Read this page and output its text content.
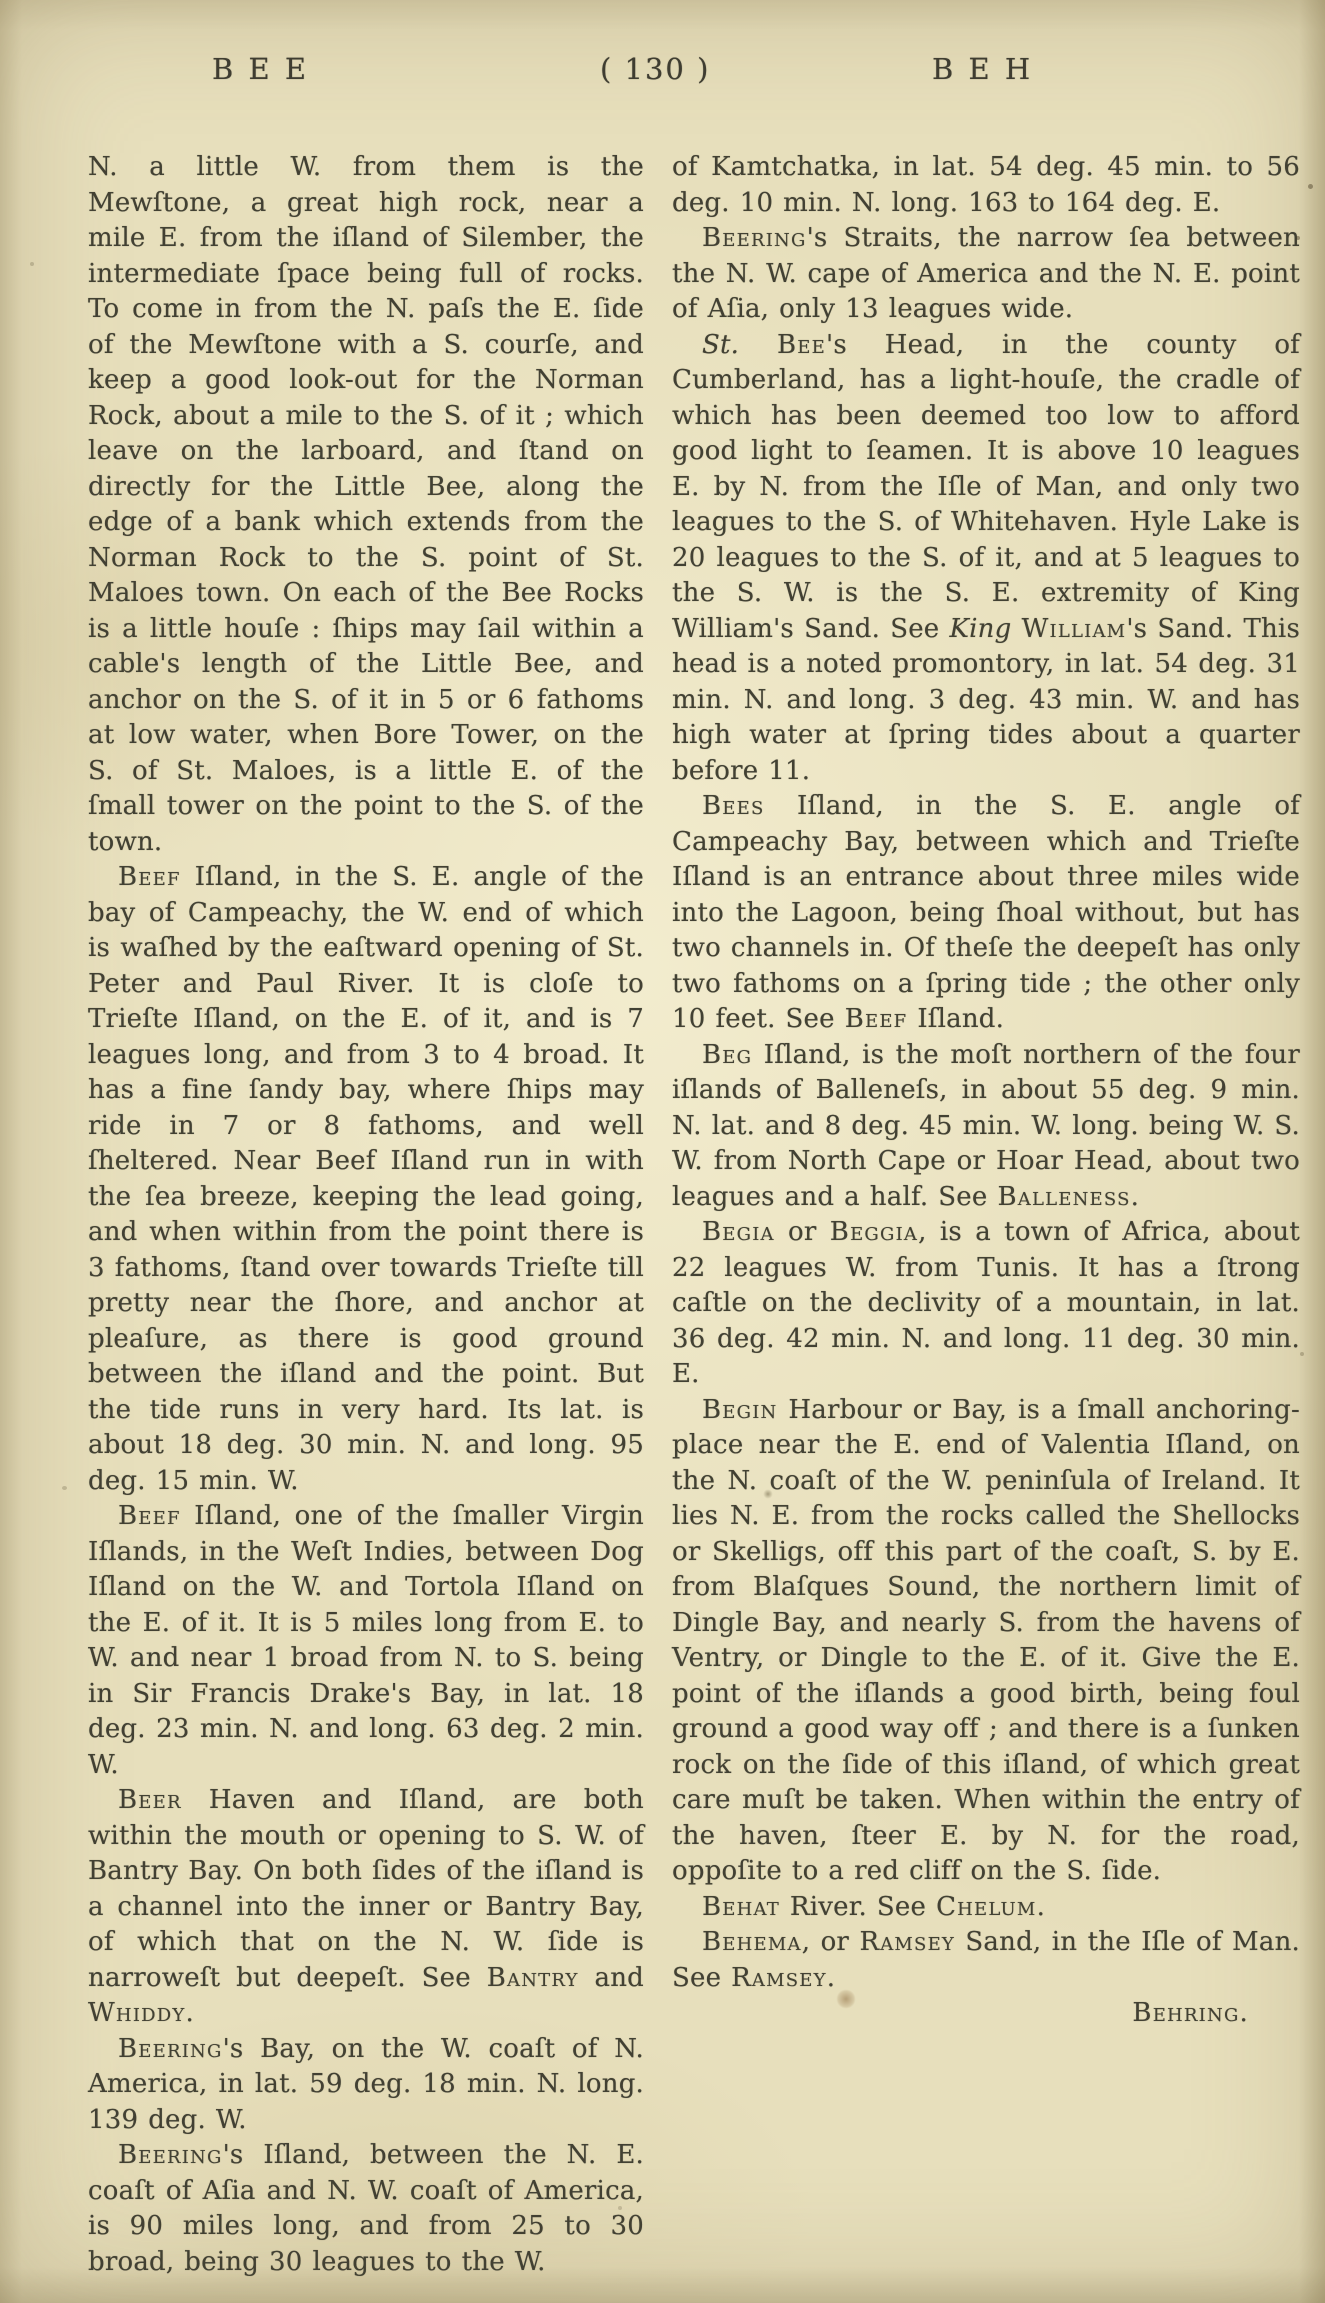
B E E	( 130 )	B E H

N. a little W. from them is the Mewſtone, a great high rock, near a mile E. from the iſland of Silember, the intermediate ſpace being full of rocks. To come in from the N. paſs the E. ſide of the Mewſtone with a S. courſe, and keep a good look-out for the Norman Rock, about a mile to the S. of it ; which leave on the larboard, and ſtand on directly for the Little Bee, along the edge of a bank which extends from the Norman Rock to the S. point of St. Maloes town. On each of the Bee Rocks is a little houſe : ſhips may ſail within a cable's length of the Little Bee, and anchor on the S. of it in 5 or 6 fathoms at low water, when Bore Tower, on the S. of St. Maloes, is a little E. of the ſmall tower on the point to the S. of the town.

Beef Iſland, in the S. E. angle of the bay of Campeachy, the W. end of which is waſhed by the eaſtward opening of St. Peter and Paul River. It is cloſe to Trieſte Iſland, on the E. of it, and is 7 leagues long, and from 3 to 4 broad. It has a fine ſandy bay, where ſhips may ride in 7 or 8 fathoms, and well ſheltered. Near Beef Iſland run in with the ſea breeze, keeping the lead going, and when within from the point there is 3 fathoms, ſtand over towards Trieſte till pretty near the ſhore, and anchor at pleaſure, as there is good ground between the iſland and the point. But the tide runs in very hard. Its lat. is about 18 deg. 30 min. N. and long. 95 deg. 15 min. W.

Beef Iſland, one of the ſmaller Virgin Iſlands, in the Weſt Indies, between Dog Iſland on the W. and Tortola Iſland on the E. of it. It is 5 miles long from E. to W. and near 1 broad from N. to S. being in Sir Francis Drake's Bay, in lat. 18 deg. 23 min. N. and long. 63 deg. 2 min. W.

Beer Haven and Iſland, are both within the mouth or opening to S. W. of Bantry Bay. On both ſides of the iſland is a channel into the inner or Bantry Bay, of which that on the N. W. ſide is narroweſt but deepeſt. See Bantry and Whiddy.

Beering's Bay, on the W. coaſt of N. America, in lat. 59 deg. 18 min. N. long. 139 deg. W.

Beering's Iſland, between the N. E. coaſt of Aſia and N. W. coaſt of America, is 90 miles long, and from 25 to 30 broad, being 30 leagues to the W.

of Kamtchatka, in lat. 54 deg. 45 min. to 56 deg. 10 min. N. long. 163 to 164 deg. E.

Beering's Straits, the narrow ſea between the N. W. cape of America and the N. E. point of Aſia, only 13 leagues wide.

St. Bee's Head, in the county of Cumberland, has a light-houſe, the cradle of which has been deemed too low to afford good light to ſeamen. It is above 10 leagues E. by N. from the Iſle of Man, and only two leagues to the S. of Whitehaven. Hyle Lake is 20 leagues to the S. of it, and at 5 leagues to the S. W. is the S. E. extremity of King William's Sand. See King William's Sand. This head is a noted promontory, in lat. 54 deg. 31 min. N. and long. 3 deg. 43 min. W. and has high water at ſpring tides about a quarter before 11.

Bees Iſland, in the S. E. angle of Campeachy Bay, between which and Trieſte Iſland is an entrance about three miles wide into the Lagoon, being ſhoal without, but has two channels in. Of theſe the deepeſt has only two fathoms on a ſpring tide ; the other only 10 feet. See Beef Iſland.

Beg Iſland, is the moſt northern of the four iſlands of Balleneſs, in about 55 deg. 9 min. N. lat. and 8 deg. 45 min. W. long. being W. S. W. from North Cape or Hoar Head, about two leagues and a half. See Balleness.

Begia or Beggia, is a town of Africa, about 22 leagues W. from Tunis. It has a ſtrong caſtle on the declivity of a mountain, in lat. 36 deg. 42 min. N. and long. 11 deg. 30 min. E.

Begin Harbour or Bay, is a ſmall anchoring-place near the E. end of Valentia Iſland, on the N. coaſt of the W. peninſula of Ireland. It lies N. E. from the rocks called the Shellocks or Skelligs, off this part of the coaſt, S. by E. from Blaſques Sound, the northern limit of Dingle Bay, and nearly S. from the havens of Ventry, or Dingle to the E. of it. Give the E. point of the iſlands a good birth, being foul ground a good way off ; and there is a ſunken rock on the ſide of this iſland, of which great care muſt be taken. When within the entry of the haven, ſteer E. by N. for the road, oppoſite to a red cliff on the S. ſide.

Behat River. See Chelum.

Behema, or Ramsey Sand, in the Iſle of Man. See Ramsey.

Behring.
